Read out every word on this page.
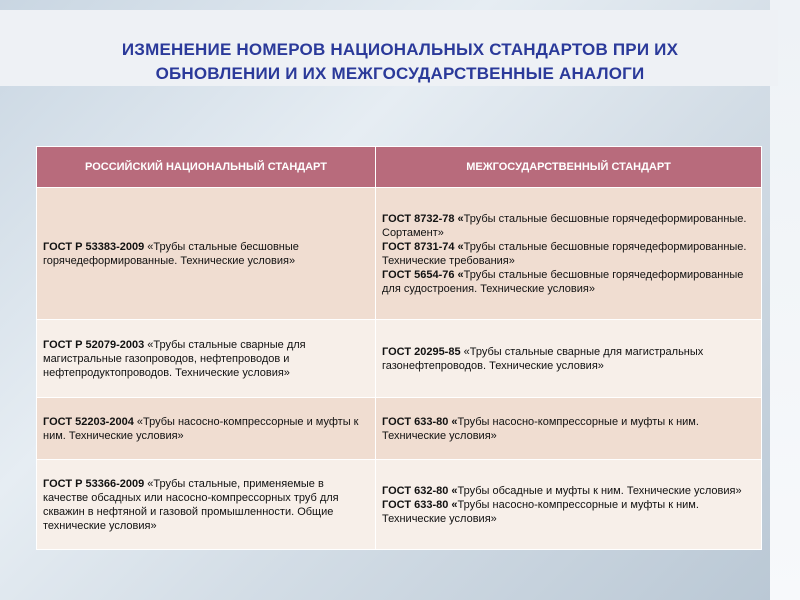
ИЗМЕНЕНИЕ НОМЕРОВ НАЦИОНАЛЬНЫХ СТАНДАРТОВ ПРИ ИХ
ОБНОВЛЕНИИ И ИХ МЕЖГОСУДАРСТВЕННЫЕ АНАЛОГИ
РОССИЙСКИЙ НАЦИОНАЛЬНЫЙ СТАНДАРТ	МЕЖГОСУДАРСТВЕННЫЙ СТАНДАРТ
ГОСТ Р 53383-2009 «Трубы стальные бесшовные горячедеформированные. Технические условия»	ГОСТ 8732-78 «Трубы стальные бесшовные горячедеформированные. Сортамент»
ГОСТ 8731-74 «Трубы стальные бесшовные горячедеформированные. Технические требования»
ГОСТ 5654-76 «Трубы стальные бесшовные горячедеформированные для судостроения. Технические условия»

ГОСТ Р 52079-2003 «Трубы стальные сварные для магистральные газопроводов, нефтепроводов и нефтепродуктопроводов. Технические условия»	ГОСТ 20295-85 «Трубы стальные сварные для магистральных газонефтепроводов. Технические условия»
ГОСТ 52203-2004 «Трубы насосно-компрессорные и муфты к ним. Технические условия»	ГОСТ 633-80 «Трубы насосно-компрессорные и муфты к ним. Технические условия»
ГОСТ Р 53366-2009 «Трубы стальные, применяемые в качестве обсадных или насосно-компрессорных труб для скважин в нефтяной и газовой промышленности. Общие технические условия»	ГОСТ 632-80 «Трубы обсадные и муфты к ним. Технические условия»
ГОСТ 633-80 «Трубы насосно-компрессорные и муфты к ним. Технические условия»
